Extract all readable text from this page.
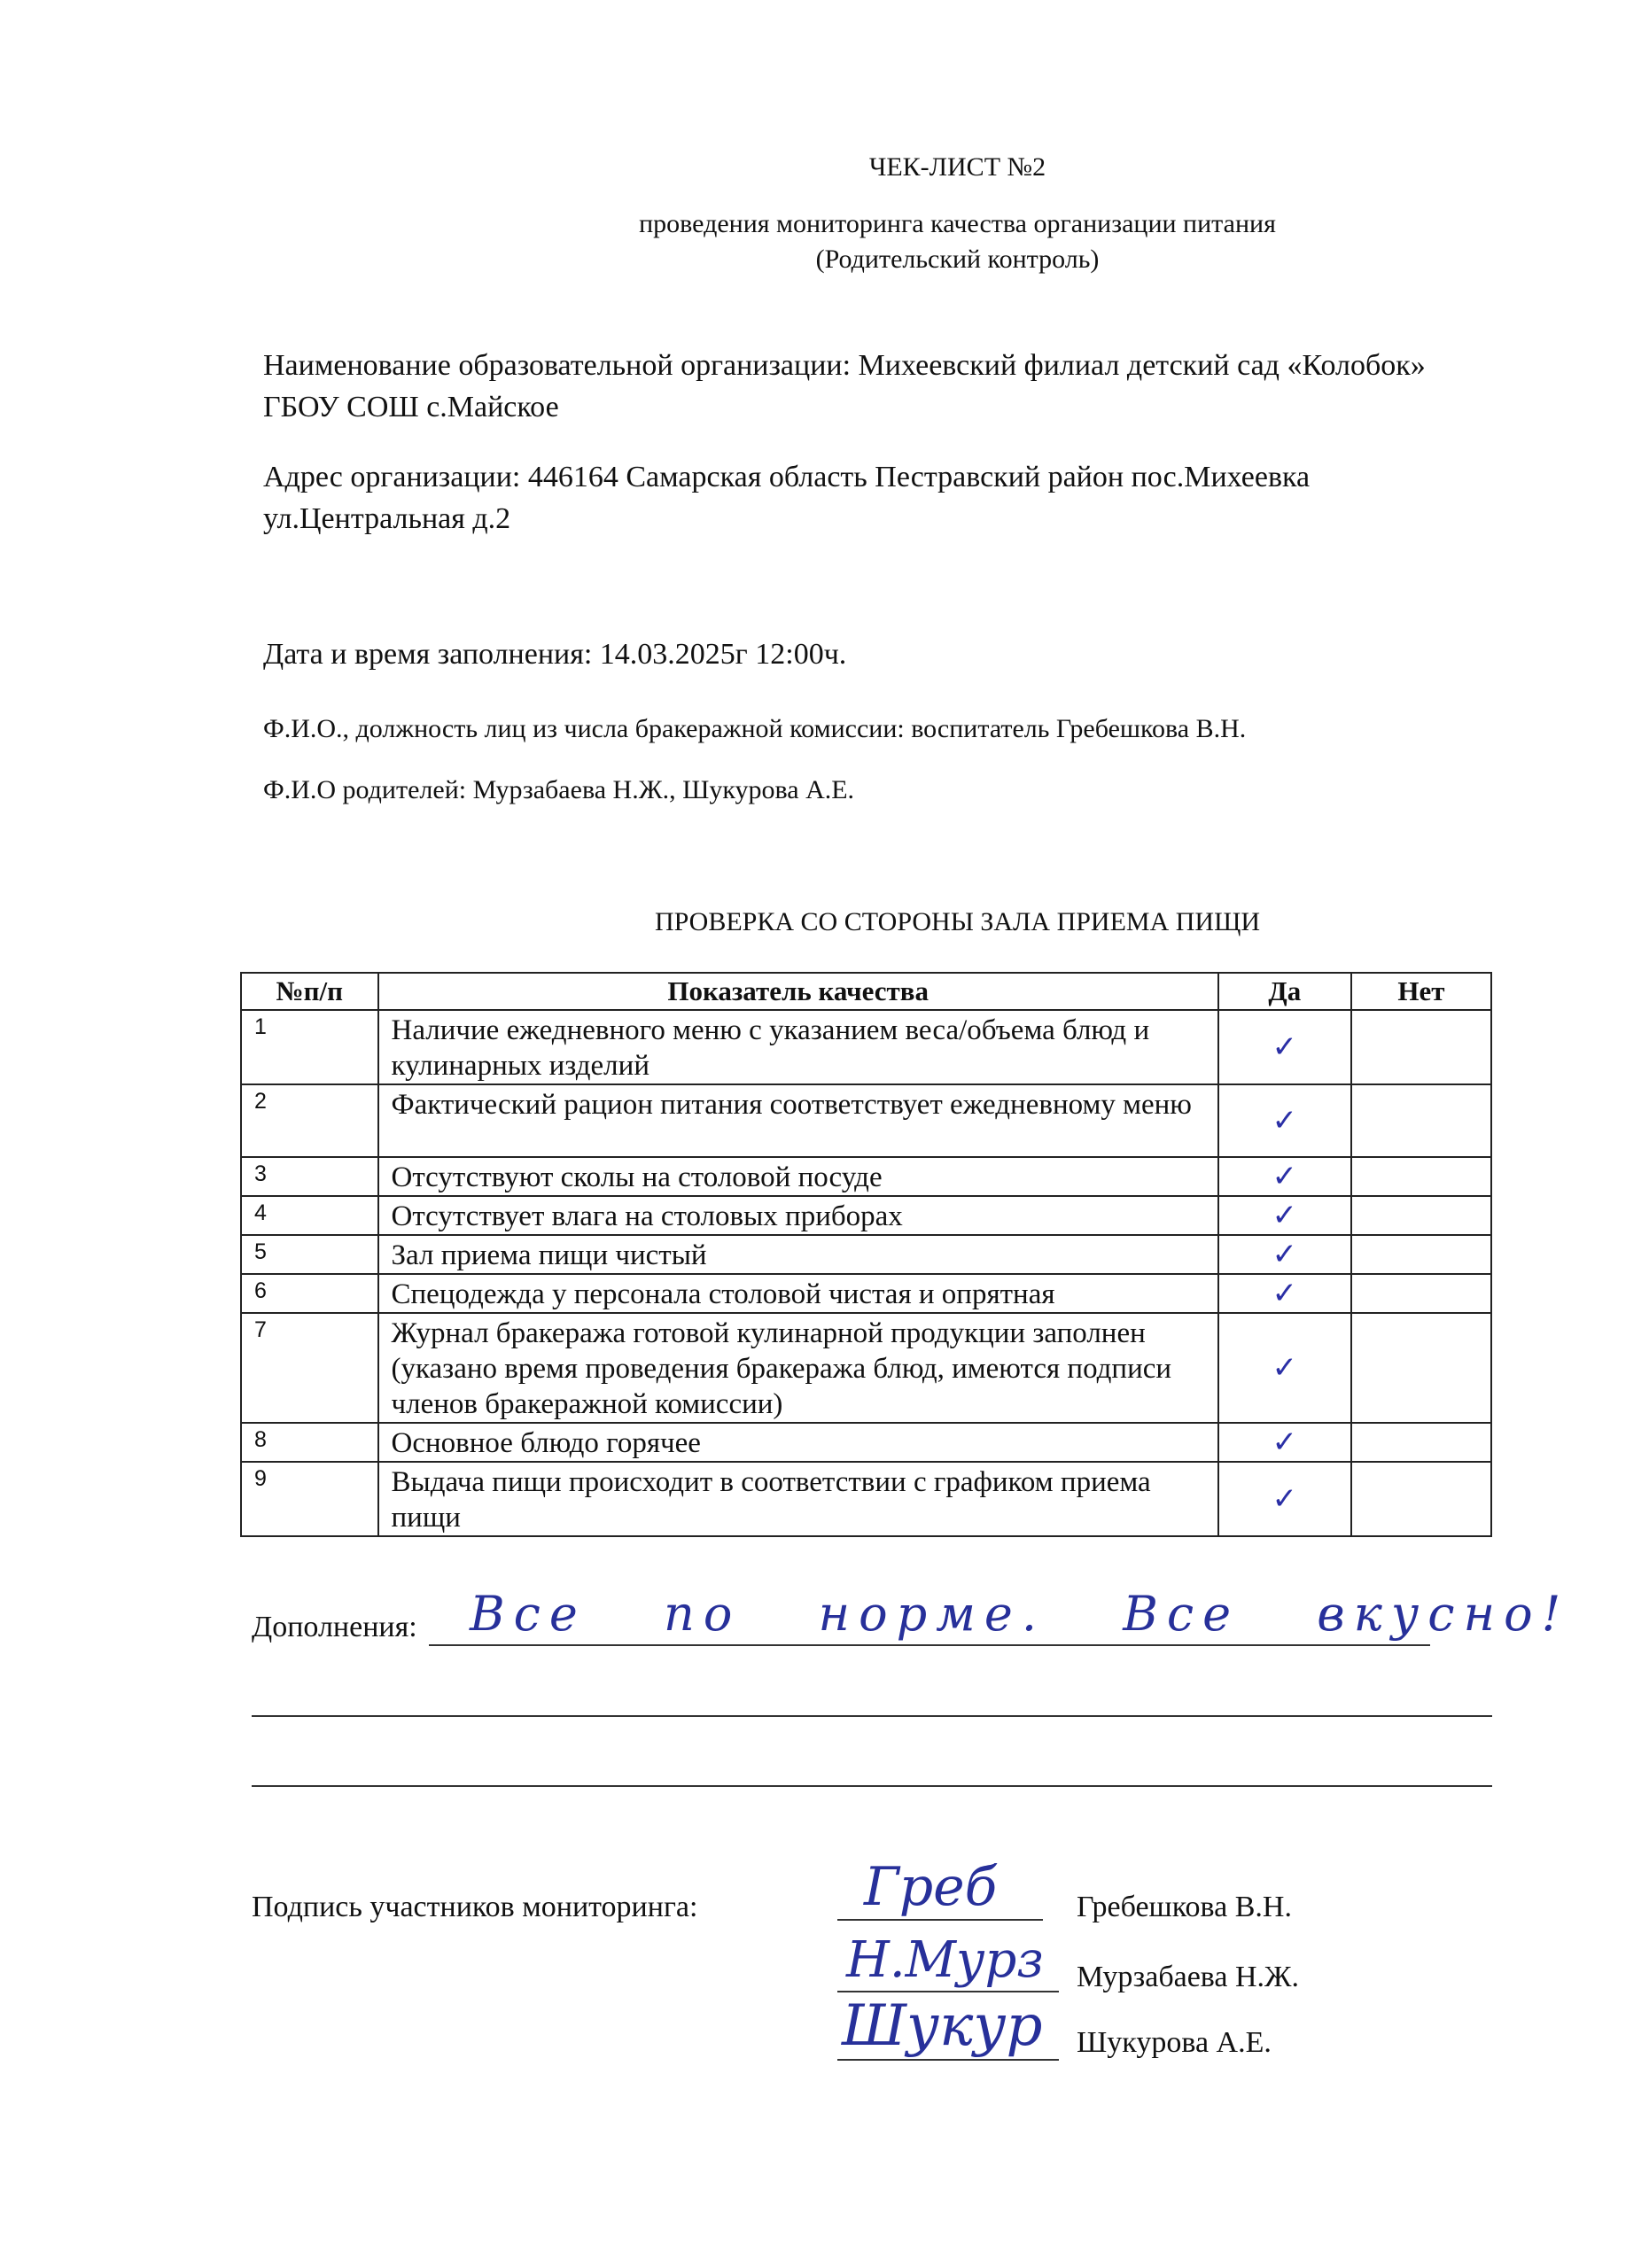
ЧЕК-ЛИСТ №2
проведения мониторинга качества организации питания
(Родительский контроль)
Наименование образовательной организации: Михеевский филиал детский сад «Колобок»
ГБОУ СОШ с.Майское
Адрес организации: 446164 Самарская область Пестравский район пос.Михеевка
ул.Центральная д.2
Дата и время заполнения: 14.03.2025г 12:00ч.
Ф.И.О., должность лиц из числа бракеражной комиссии: воспитатель Гребешкова В.Н.
Ф.И.О родителей: Мурзабаева Н.Ж., Шукурова А.Е.
ПРОВЕРКА СО СТОРОНЫ ЗАЛА ПРИЕМА ПИЩИ
№п/п	Показатель качества	Да	Нет
1	Наличие ежедневного меню с указанием веса/объема блюд и кулинарных изделий	✓	

2	Фактический рацион питания соответствует ежедневному меню	✓	

3	Отсутствуют сколы на столовой посуде	✓	

4	Отсутствует влага на столовых приборах	✓	

5	Зал приема пищи чистый	✓	

6	Спецодежда у персонала столовой чистая и опрятная	✓	

7	Журнал бракеража готовой кулинарной продукции заполнен (указано время проведения бракеража блюд, имеются подписи членов бракеражной комиссии)	✓	

8	Основное блюдо горячее	✓	

9	Выдача пищи происходит в соответствии с графиком приема пищи	✓	

Дополнения: Все по норме. Все вкусно!
Подпись участников мониторинга:	Греб	Гребешкова В.Н.
Н.Мурз Мурзабаева Н.Ж.
Шукур Шукурова А.Е.
